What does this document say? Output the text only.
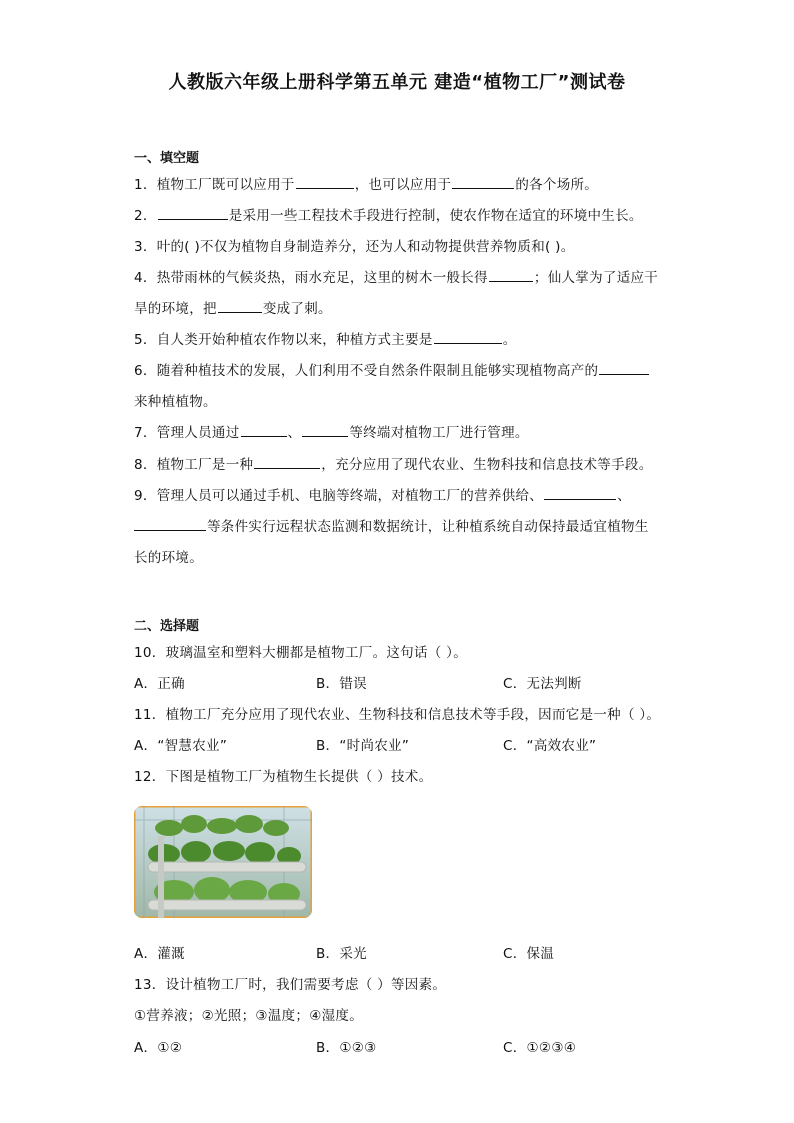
人教版六年级上册科学第五单元 建造“植物工厂”测试卷
一、填空题
1．植物工厂既可以应用于	，也可以应用于	的各个场所。
2．	是采用一些工程技术手段进行控制，使农作物在适宜的环境中生长。
3．叶的( )不仅为植物自身制造养分，还为人和动物提供营养物质和( )。
4．热带雨林的气候炎热，雨水充足，这里的树木一般长得	；仙人掌为了适应干
旱的环境，把	变成了刺。
5．自人类开始种植农作物以来，种植方式主要是	。
6．随着种植技术的发展，人们利用不受自然条件限制且能够实现植物高产的
来种植植物。
7．管理人员通过	、	等终端对植物工厂进行管理。
8．植物工厂是一种	，充分应用了现代农业、生物科技和信息技术等手段。
9．管理人员可以通过手机、电脑等终端，对植物工厂的营养供给、	、
等条件实行远程状态监测和数据统计，让种植系统自动保持最适宜植物生
长的环境。
二、选择题
10．玻璃温室和塑料大棚都是植物工厂。这句话（ ）。
A．正确	B．错误	C．无法判断
11．植物工厂充分应用了现代农业、生物科技和信息技术等手段，因而它是一种（ ）。
A．“智慧农业”	B．“时尚农业”	C．“高效农业”
12．下图是植物工厂为植物生长提供（ ）技术。
A．灌溉	B．采光	C．保温
13．设计植物工厂时，我们需要考虑（ ）等因素。
①营养液；②光照；③温度；④湿度。
A．①②	B．①②③	C．①②③④
